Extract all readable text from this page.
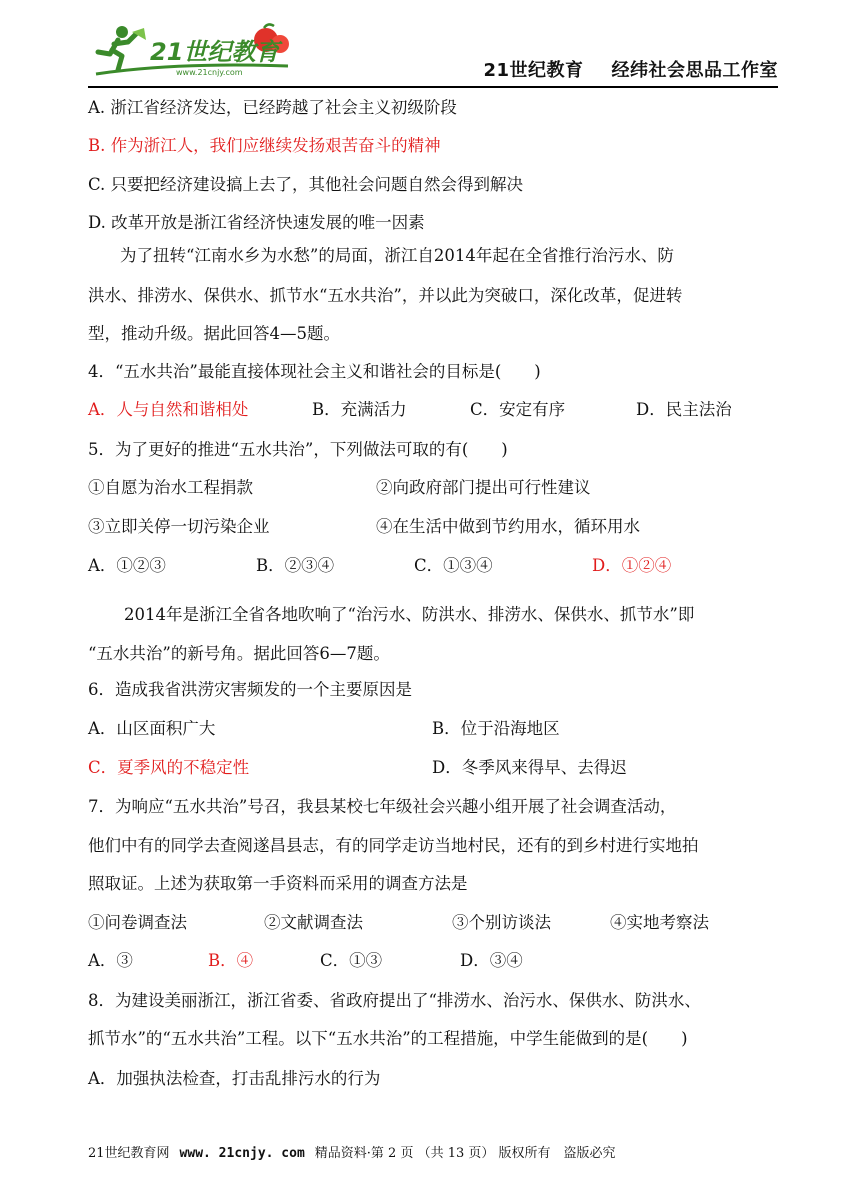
21世纪教育
www.21cnjy.com	21世纪教育 经纬社会思品工作室
A. 浙江省经济发达，已经跨越了社会主义初级阶段
B. 作为浙江人，我们应继续发扬艰苦奋斗的精神
C. 只要把经济建设搞上去了，其他社会问题自然会得到解决
D. 改革开放是浙江省经济快速发展的唯一因素
为了扭转“江南水乡为水愁”的局面，浙江自2014年起在全省推行治污水、防
洪水、排涝水、保供水、抓节水“五水共治”，并以此为突破口，深化改革，促进转
型，推动升级。据此回答4—5题。
4．“五水共治”最能直接体现社会主义和谐社会的目标是(　　)
A．人与自然和谐相处	B．充满活力	C．安定有序	D．民主法治
5．为了更好的推进“五水共治”，下列做法可取的有(　　)
①自愿为治水工程捐款	②向政府部门提出可行性建议
③立即关停一切污染企业	④在生活中做到节约用水，循环用水
A．①②③	B．②③④	C．①③④	D．①②④
2014年是浙江全省各地吹响了“治污水、防洪水、排涝水、保供水、抓节水”即
“五水共治”的新号角。据此回答6—7题。
6．造成我省洪涝灾害频发的一个主要原因是
A．山区面积广大	B．位于沿海地区
C．夏季风的不稳定性	D．冬季风来得早、去得迟
7．为响应“五水共治”号召，我县某校七年级社会兴趣小组开展了社会调查活动，
他们中有的同学去查阅遂昌县志，有的同学走访当地村民，还有的到乡村进行实地拍
照取证。上述为获取第一手资料而采用的调查方法是
①问卷调查法	②文献调查法	③个别访谈法	④实地考察法
A．③	B．④	C．①③	D．③④
8．为建设美丽浙江，浙江省委、省政府提出了“排涝水、治污水、保供水、防洪水、
抓节水”的“五水共治”工程。以下“五水共治”的工程措施，中学生能做到的是(　　)
A．加强执法检查，打击乱排污水的行为
21世纪教育网 www. 21cnjy. com 精品资料·第 2 页 （共 13 页） 版权所有　盗版必究
